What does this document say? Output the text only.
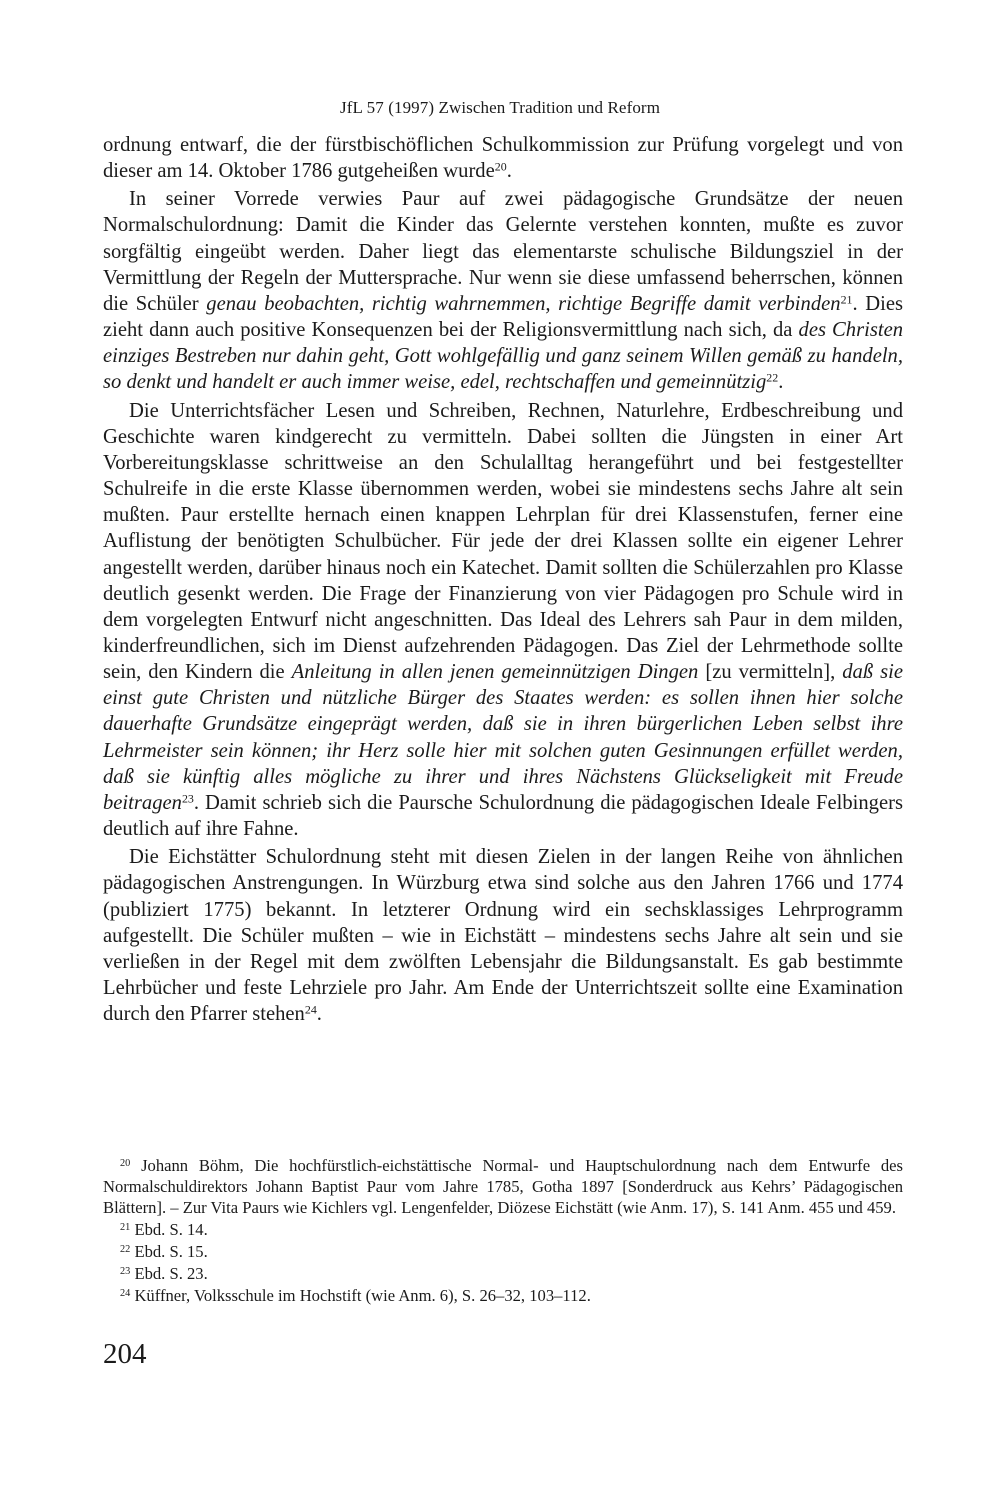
JfL 57 (1997) Zwischen Tradition und Reform

ordnung entwarf, die der fürstbischöflichen Schulkommission zur Prüfung vorgelegt und von dieser am 14. Oktober 1786 gutgeheißen wurde$^{20}$.

In seiner Vorrede verwies Paur auf zwei pädagogische Grundsätze der neuen Normalschulordnung: Damit die Kinder das Gelernte verstehen konnten, mußte es zuvor sorgfältig eingeübt werden. Daher liegt das elementarste schulische Bildungsziel in der Vermittlung der Regeln der Muttersprache. Nur wenn sie diese umfassend beherrschen, können die Schüler genau beobachten, richtig wahrnemmen, richtige Begriffe damit verbinden$^{21}$. Dies zieht dann auch positive Konsequenzen bei der Religionsvermittlung nach sich, da des Christen einziges Bestreben nur dahin geht, Gott wohlgefällig und ganz seinem Willen gemäß zu handeln, so denkt und handelt er auch immer weise, edel, rechtschaffen und gemeinnützig$^{22}$.

Die Unterrichtsfächer Lesen und Schreiben, Rechnen, Naturlehre, Erdbeschreibung und Geschichte waren kindgerecht zu vermitteln. Dabei sollten die Jüngsten in einer Art Vorbereitungsklasse schrittweise an den Schulalltag herangeführt und bei festgestellter Schulreife in die erste Klasse übernommen werden, wobei sie mindestens sechs Jahre alt sein mußten. Paur erstellte hernach einen knappen Lehrplan für drei Klassenstufen, ferner eine Auflistung der benötigten Schulbücher. Für jede der drei Klassen sollte ein eigener Lehrer angestellt werden, darüber hinaus noch ein Katechet. Damit sollten die Schülerzahlen pro Klasse deutlich gesenkt werden. Die Frage der Finanzierung von vier Pädagogen pro Schule wird in dem vorgelegten Entwurf nicht angeschnitten. Das Ideal des Lehrers sah Paur in dem milden, kinderfreundlichen, sich im Dienst aufzehrenden Pädagogen. Das Ziel der Lehrmethode sollte sein, den Kindern die Anleitung in allen jenen gemeinnützigen Dingen [zu vermitteln], daß sie einst gute Christen und nützliche Bürger des Staates werden: es sollen ihnen hier solche dauerhafte Grundsätze eingeprägt werden, daß sie in ihren bürgerlichen Leben selbst ihre Lehrmeister sein können; ihr Herz solle hier mit solchen guten Gesinnungen erfüllet werden, daß sie künftig alles mögliche zu ihrer und ihres Nächstens Glückseligkeit mit Freude beitragen$^{23}$. Damit schrieb sich die Paursche Schulordnung die pädagogischen Ideale Felbingers deutlich auf ihre Fahne.

Die Eichstätter Schulordnung steht mit diesen Zielen in der langen Reihe von ähnlichen pädagogischen Anstrengungen. In Würzburg etwa sind solche aus den Jahren 1766 und 1774 (publiziert 1775) bekannt. In letzterer Ordnung wird ein sechsklassiges Lehrprogramm aufgestellt. Die Schüler mußten – wie in Eichstätt – mindestens sechs Jahre alt sein und sie verließen in der Regel mit dem zwölften Lebensjahr die Bildungsanstalt. Es gab bestimmte Lehrbücher und feste Lehrziele pro Jahr. Am Ende der Unterrichtszeit sollte eine Examination durch den Pfarrer stehen$^{24}$.

$^{20}$ Johann Böhm, Die hochfürstlich-eichstättische Normal- und Hauptschulordnung nach dem Entwurfe des Normalschuldirektors Johann Baptist Paur vom Jahre 1785, Gotha 1897 [Sonderdruck aus Kehrs’ Pädagogischen Blättern]. – Zur Vita Paurs wie Kichlers vgl. Lengenfelder, Diözese Eichstätt (wie Anm. 17), S. 141 Anm. 455 und 459.

$^{21}$ Ebd. S. 14.

$^{22}$ Ebd. S. 15.

$^{23}$ Ebd. S. 23.

$^{24}$ Küffner, Volksschule im Hochstift (wie Anm. 6), S. 26–32, 103–112.

204
